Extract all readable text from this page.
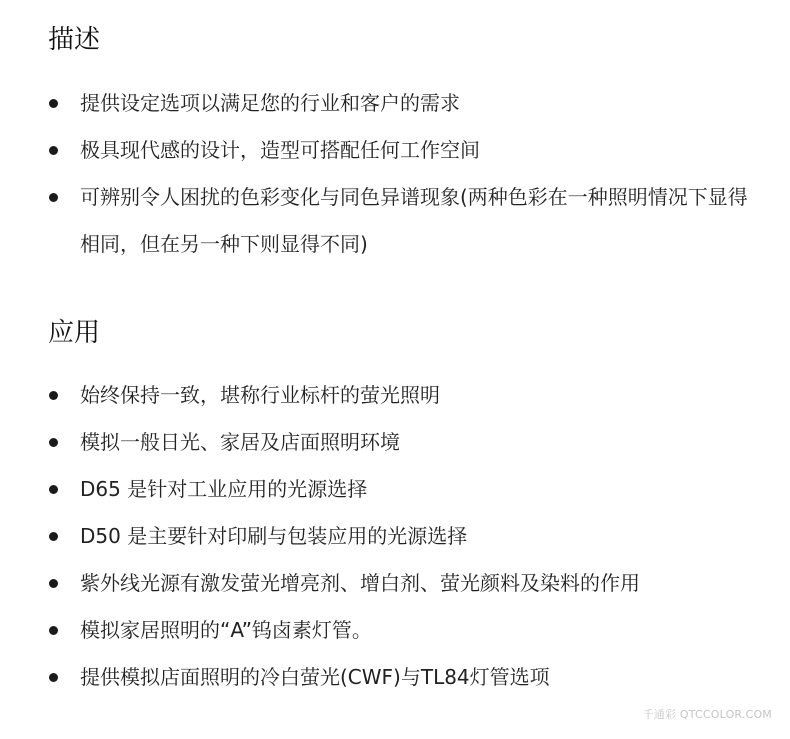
描述
提供设定选项以满足您的行业和客户的需求
极具现代感的设计，造型可搭配任何工作空间
可辨别令人困扰的色彩变化与同色异谱现象(两种色彩在一种照明情况下显得相同，但在另一种下则显得不同)
应用
始终保持一致，堪称行业标杆的萤光照明
模拟一般日光、家居及店面照明环境
D65 是针对工业应用的光源选择
D50 是主要针对印刷与包装应用的光源选择
紫外线光源有激发萤光增亮剂、增白剂、萤光颜料及染料的作用
模拟家居照明的“A”钨卤素灯管。
提供模拟店面照明的冷白萤光(CWF)与TL84灯管选项
千通彩 QTCCOLOR.COM
